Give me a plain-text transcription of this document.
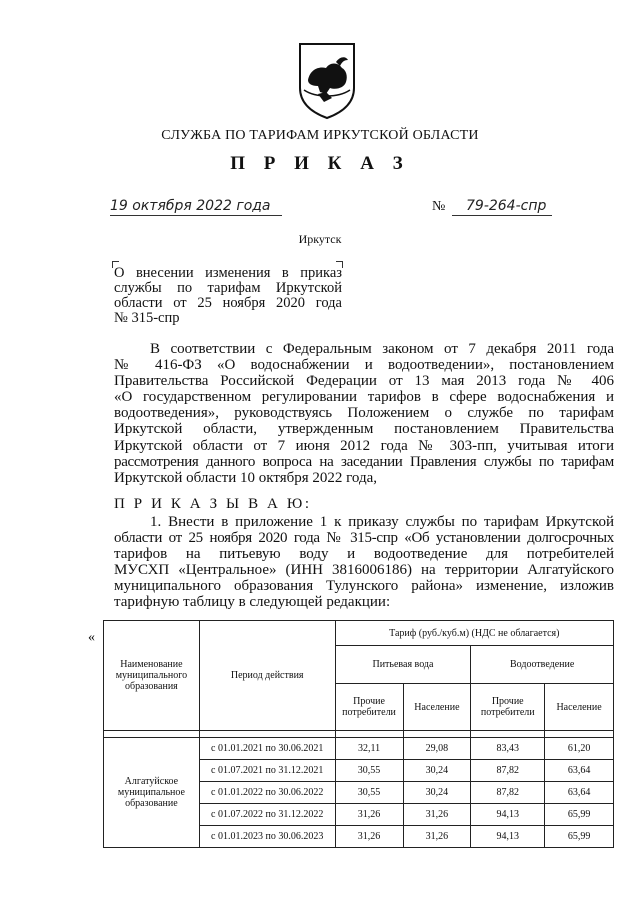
СЛУЖБА ПО ТАРИФАМ ИРКУТСКОЙ ОБЛАСТИ
П Р И К А З
19 октября 2022 года	№	79-264-спр
Иркутск
О внесении изменения в приказ
службы по тарифам Иркутской
области от 25 ноября 2020 года
№ 315-спр
В соответствии с Федеральным законом от 7 декабря 2011 года
№ 416-ФЗ «О водоснабжении и водоотведении», постановлением
Правительства Российской Федерации от 13 мая 2013 года № 406
«О государственном регулировании тарифов в сфере водоснабжения и
водоотведения», руководствуясь Положением о службе по тарифам
Иркутской области, утвержденным постановлением Правительства
Иркутской области от 7 июня 2012 года № 303-пп, учитывая итоги
рассмотрения данного вопроса на заседании Правления службы по тарифам
Иркутской области 10 октября 2022 года,
П Р И К А З Ы В А Ю:
1. Внести в приложение 1 к приказу службы по тарифам Иркутской
области от 25 ноября 2020 года № 315-спр «Об установлении долгосрочных
тарифов на питьевую воду и водоотведение для потребителей
МУСХП «Центральное» (ИНН 3816006186) на территории Алгатуйского
муниципального образования Тулунского района» изменение, изложив
тарифную таблицу в следующей редакции:
«
Наименование муниципального образования	Период действия	Тариф (руб./куб.м) (НДС не облагается)			
		Питьевая вода		Водоотведение	
		Прочие потребители	Население	Прочие потребители	Население

Алгатуйское муниципальное образование	с 01.01.2021 по 30.06.2021	32,11	29,08	83,43	61,20
	с 01.07.2021 по 31.12.2021	30,55	30,24	87,82	63,64
	с 01.01.2022 по 30.06.2022	30,55	30,24	87,82	63,64
	с 01.07.2022 по 31.12.2022	31,26	31,26	94,13	65,99
	с 01.01.2023 по 30.06.2023	31,26	31,26	94,13	65,99
